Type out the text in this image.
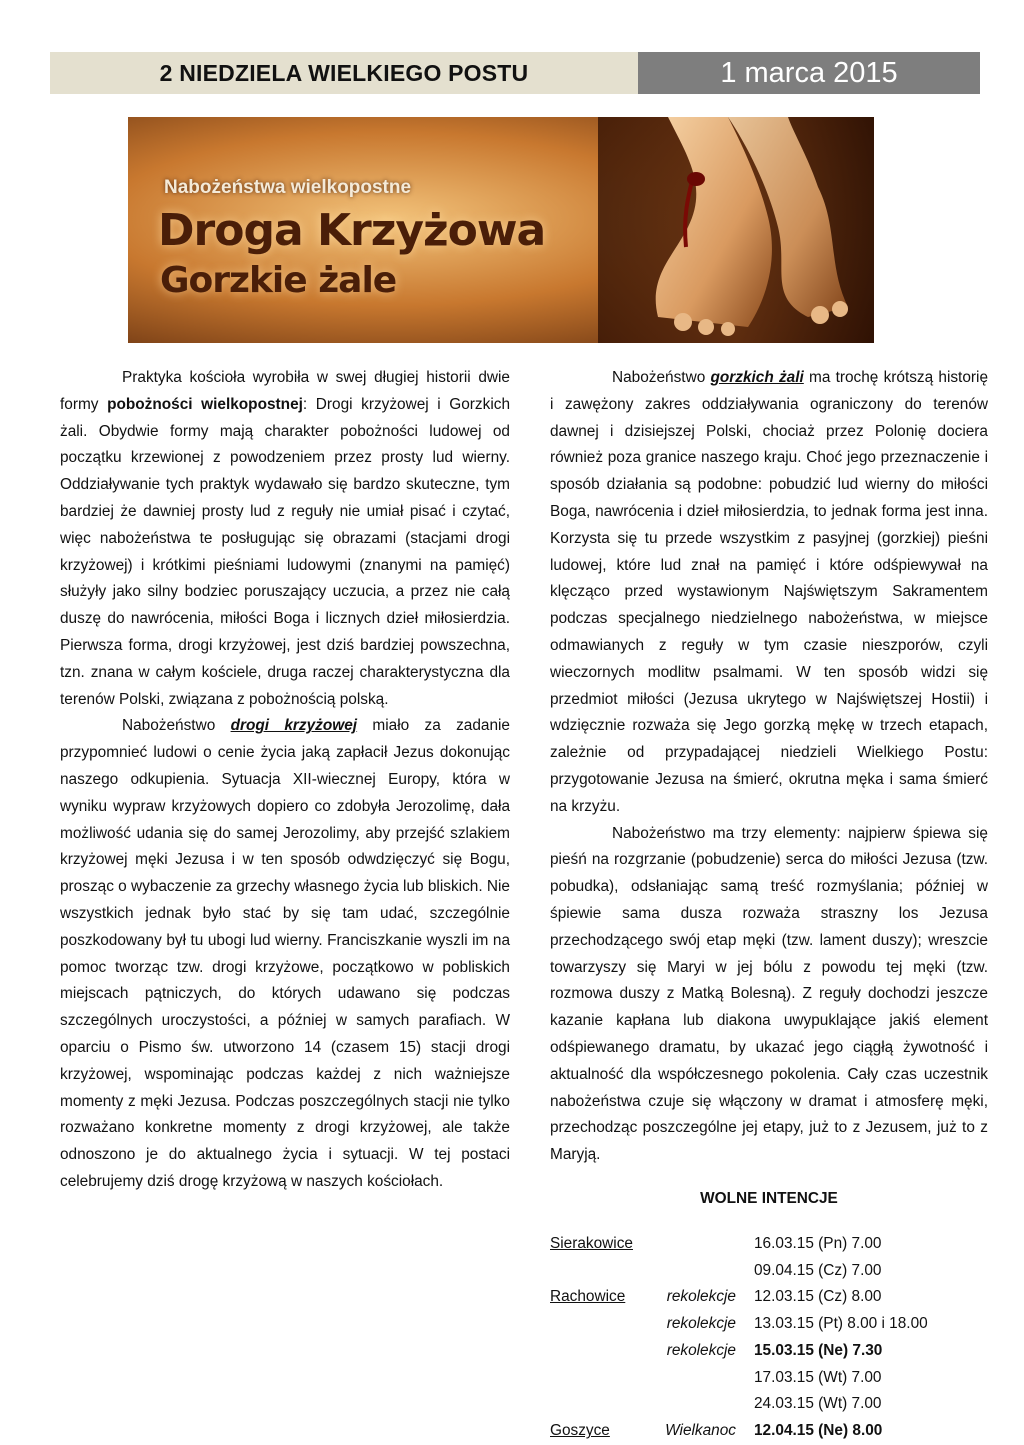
2 NIEDZIELA WIELKIEGO POSTU	1 marca 2015
Nabożeństwa wielkopostne
Droga Krzyżowa
Gorzkie żale

Praktyka kościoła wyrobiła w swej długiej historii dwie formy pobożności wielkopostnej: Drogi krzyżowej i Gorzkich żali. Obydwie formy mają charakter pobożności ludowej od początku krzewionej z powodzeniem przez prosty lud wierny. Oddziaływanie tych praktyk wydawało się bardzo skuteczne, tym bardziej że dawniej prosty lud z reguły nie umiał pisać i czytać, więc nabożeństwa te posługując się obrazami (stacjami drogi krzyżowej) i krótkimi pieśniami ludowymi (znanymi na pamięć) służyły jako silny bodziec poruszający uczucia, a przez nie całą duszę do nawrócenia, miłości Boga i licznych dzieł miłosierdzia. Pierwsza forma, drogi krzyżowej, jest dziś bardziej powszechna, tzn. znana w całym kościele, druga raczej charakterystyczna dla terenów Polski, związana z pobożnością polską.

Nabożeństwo drogi krzyżowej miało za zadanie przypomnieć ludowi o cenie życia jaką zapłacił Jezus dokonując naszego odkupienia. Sytuacja XII-wiecznej Europy, która w wyniku wypraw krzyżowych dopiero co zdobyła Jerozolimę, dała możliwość udania się do samej Jerozolimy, aby przejść szlakiem krzyżowej męki Jezusa i w ten sposób odwdzięczyć się Bogu, prosząc o wybaczenie za grzechy własnego życia lub bliskich. Nie wszystkich jednak było stać by się tam udać, szczególnie poszkodowany był tu ubogi lud wierny. Franciszkanie wyszli im na pomoc tworząc tzw. drogi krzyżowe, początkowo w pobliskich miejscach pątniczych, do których udawano się podczas szczególnych uroczystości, a później w samych parafiach. W oparciu o Pismo św. utworzono 14 (czasem 15) stacji drogi krzyżowej, wspominając podczas każdej z nich ważniejsze momenty z męki Jezusa. Podczas poszczególnych stacji nie tylko rozważano konkretne momenty z drogi krzyżowej, ale także odnoszono je do aktualnego życia i sytuacji. W tej postaci celebrujemy dziś drogę krzyżową w naszych kościołach.

Nabożeństwo gorzkich żali ma trochę krótszą historię i zawężony zakres oddziaływania ograniczony do terenów dawnej i dzisiejszej Polski, chociaż przez Polonię dociera również poza granice naszego kraju. Choć jego przeznaczenie i sposób działania są podobne: pobudzić lud wierny do miłości Boga, nawrócenia i dzieł miłosierdzia, to jednak forma jest inna. Korzysta się tu przede wszystkim z pasyjnej (gorzkiej) pieśni ludowej, które lud znał na pamięć i które odśpiewywał na klęcząco przed wystawionym Najświętszym Sakramentem podczas specjalnego niedzielnego nabożeństwa, w miejsce odmawianych z reguły w tym czasie nieszporów, czyli wieczornych modlitw psalmami. W ten sposób widzi się przedmiot miłości (Jezusa ukrytego w Najświętszej Hostii) i wdzięcznie rozważa się Jego gorzką mękę w trzech etapach, zależnie od przypadającej niedzieli Wielkiego Postu: przygotowanie Jezusa na śmierć, okrutna męka i sama śmierć na krzyżu.

Nabożeństwo ma trzy elementy: najpierw śpiewa się pieśń na rozgrzanie (pobudzenie) serca do miłości Jezusa (tzw. pobudka), odsłaniając samą treść rozmyślania; później w śpiewie sama dusza rozważa straszny los Jezusa przechodzącego swój etap męki (tzw. lament duszy); wreszcie towarzyszy się Maryi w jej bólu z powodu tej męki (tzw. rozmowa duszy z Matką Bolesną). Z reguły dochodzi jeszcze kazanie kapłana lub diakona uwypuklające jakiś element odśpiewanego dramatu, by ukazać jego ciągłą żywotność i aktualność dla współczesnego pokolenia. Cały czas uczestnik nabożeństwa czuje się włączony w dramat i atmosferę męki, przechodząc poszczególne jej etapy, już to z Jezusem, już to z Maryją.

WOLNE INTENCJE
Sierakowice		16.03.15 (Pn) 7.00
		09.04.15 (Cz) 7.00
Rachowice	rekolekcje	12.03.15 (Cz) 8.00
	rekolekcje	13.03.15 (Pt) 8.00 i 18.00
	rekolekcje	15.03.15 (Ne) 7.30
		17.03.15 (Wt) 7.00
		24.03.15 (Wt) 7.00
Goszyce	Wielkanoc	12.04.15 (Ne) 8.00
